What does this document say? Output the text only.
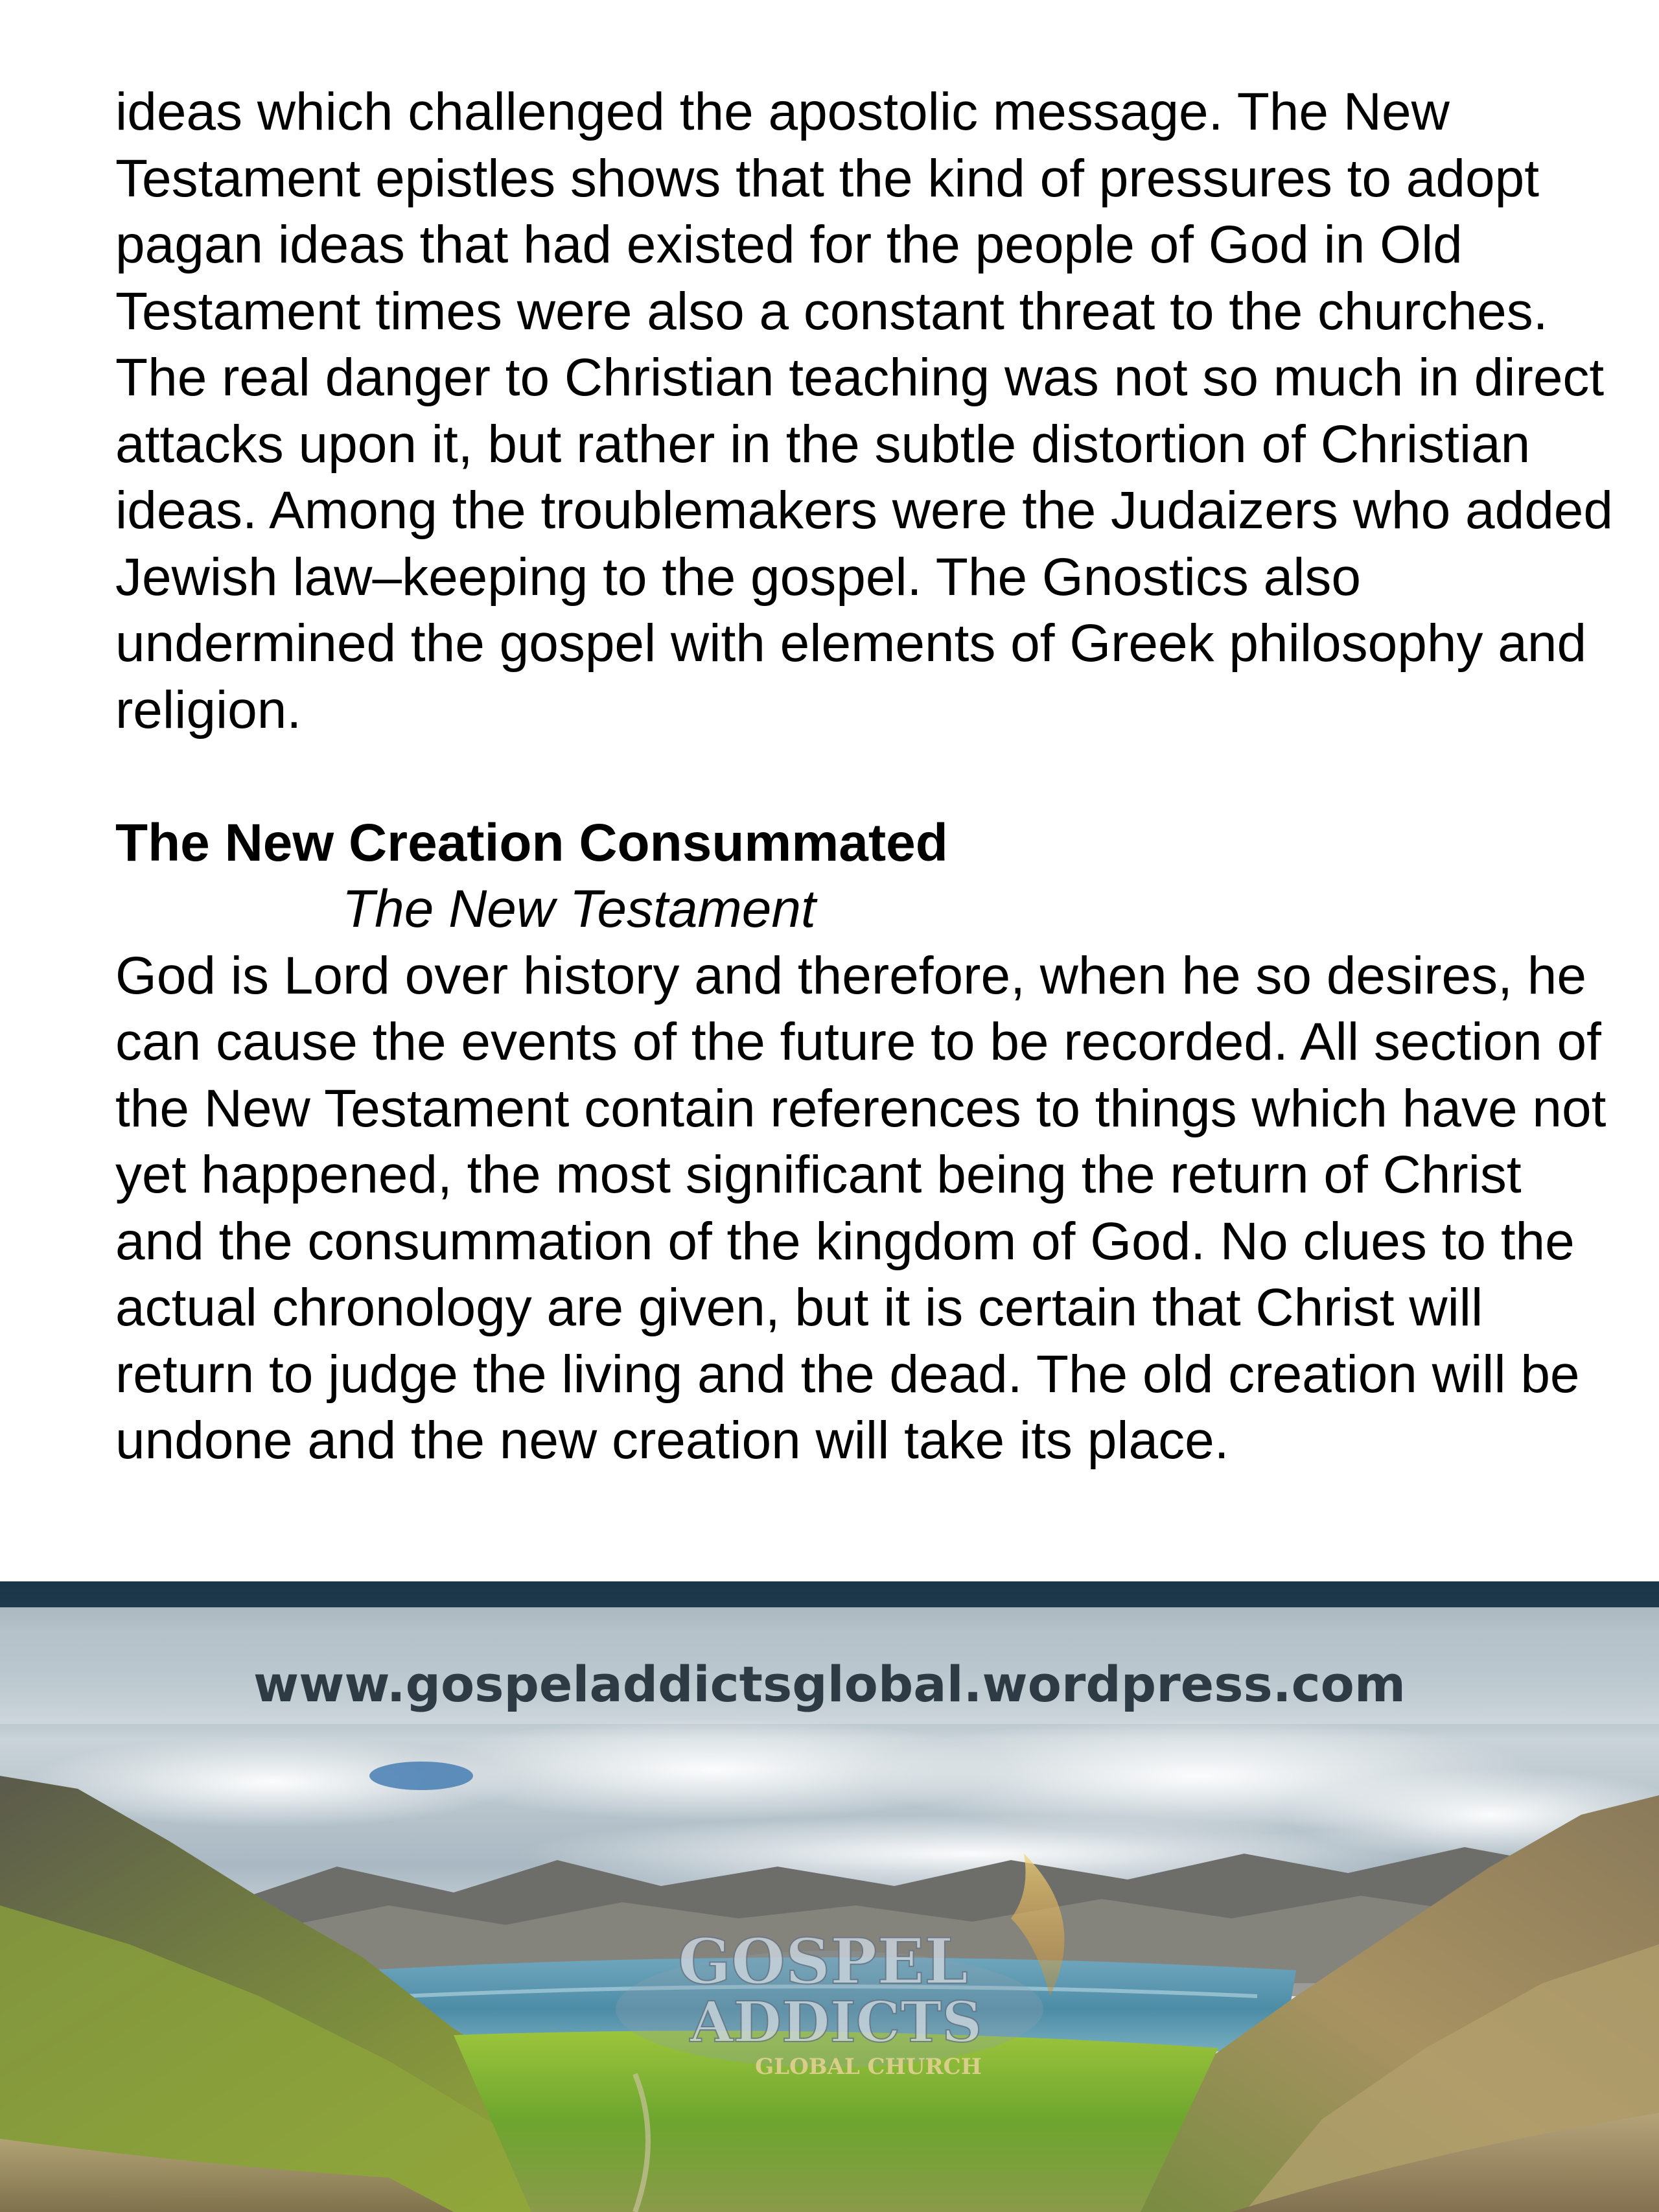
ideas which challenged the apostolic message. The New Testament epistles shows that the kind of pressures to adopt pagan ideas that had existed for the people of God in Old Testament times were also a constant threat to the churches. The real danger to Christian teaching was not so much in direct attacks upon it, but rather in the subtle distortion of Christian ideas. Among the troublemakers were the Judaizers who added Jewish law–keeping to the gospel. The Gnostics also undermined the gospel with elements of Greek philosophy and religion.

The New Creation Consummated

The New Testament

God is Lord over history and therefore, when he so desires, he can cause the events of the future to be recorded. All section of the New Testament contain references to things which have not yet happened, the most significant being the return of Christ and the consummation of the kingdom of God. No clues to the actual chronology are given, but it is certain that Christ will return to judge the living and the dead. The old creation will be undone and the new creation will take its place.

www.gospeladdictsglobal.wordpress.com
GOSPEL
ADDICTS
GLOBAL CHURCH
